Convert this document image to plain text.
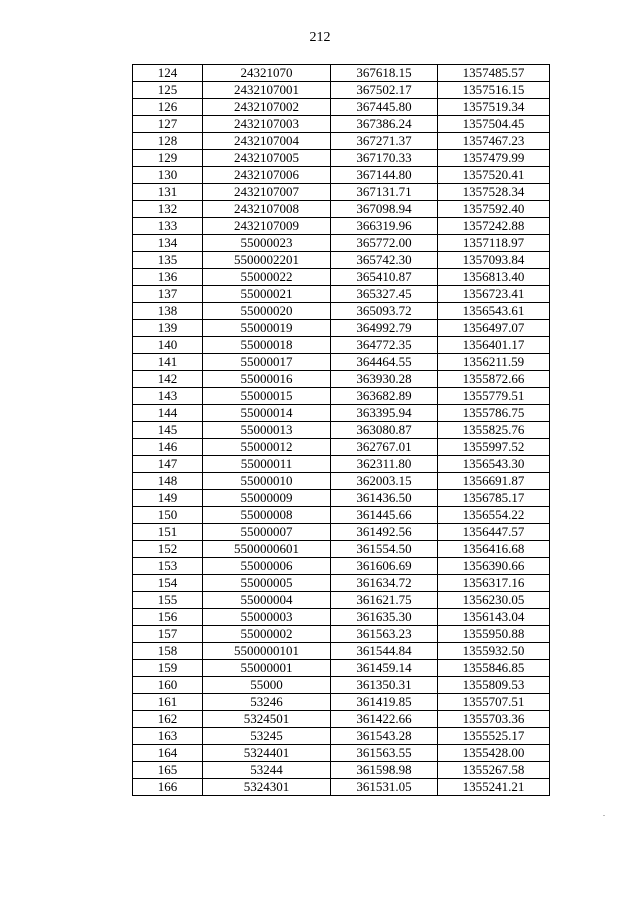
212
124	24321070	367618.15	1357485.57
125	2432107001	367502.17	1357516.15
126	2432107002	367445.80	1357519.34
127	2432107003	367386.24	1357504.45
128	2432107004	367271.37	1357467.23
129	2432107005	367170.33	1357479.99
130	2432107006	367144.80	1357520.41
131	2432107007	367131.71	1357528.34
132	2432107008	367098.94	1357592.40
133	2432107009	366319.96	1357242.88
134	55000023	365772.00	1357118.97
135	5500002201	365742.30	1357093.84
136	55000022	365410.87	1356813.40
137	55000021	365327.45	1356723.41
138	55000020	365093.72	1356543.61
139	55000019	364992.79	1356497.07
140	55000018	364772.35	1356401.17
141	55000017	364464.55	1356211.59
142	55000016	363930.28	1355872.66
143	55000015	363682.89	1355779.51
144	55000014	363395.94	1355786.75
145	55000013	363080.87	1355825.76
146	55000012	362767.01	1355997.52
147	55000011	362311.80	1356543.30
148	55000010	362003.15	1356691.87
149	55000009	361436.50	1356785.17
150	55000008	361445.66	1356554.22
151	55000007	361492.56	1356447.57
152	5500000601	361554.50	1356416.68
153	55000006	361606.69	1356390.66
154	55000005	361634.72	1356317.16
155	55000004	361621.75	1356230.05
156	55000003	361635.30	1356143.04
157	55000002	361563.23	1355950.88
158	5500000101	361544.84	1355932.50
159	55000001	361459.14	1355846.85
160	55000	361350.31	1355809.53
161	53246	361419.85	1355707.51
162	5324501	361422.66	1355703.36
163	53245	361543.28	1355525.17
164	5324401	361563.55	1355428.00
165	53244	361598.98	1355267.58
166	5324301	361531.05	1355241.21
